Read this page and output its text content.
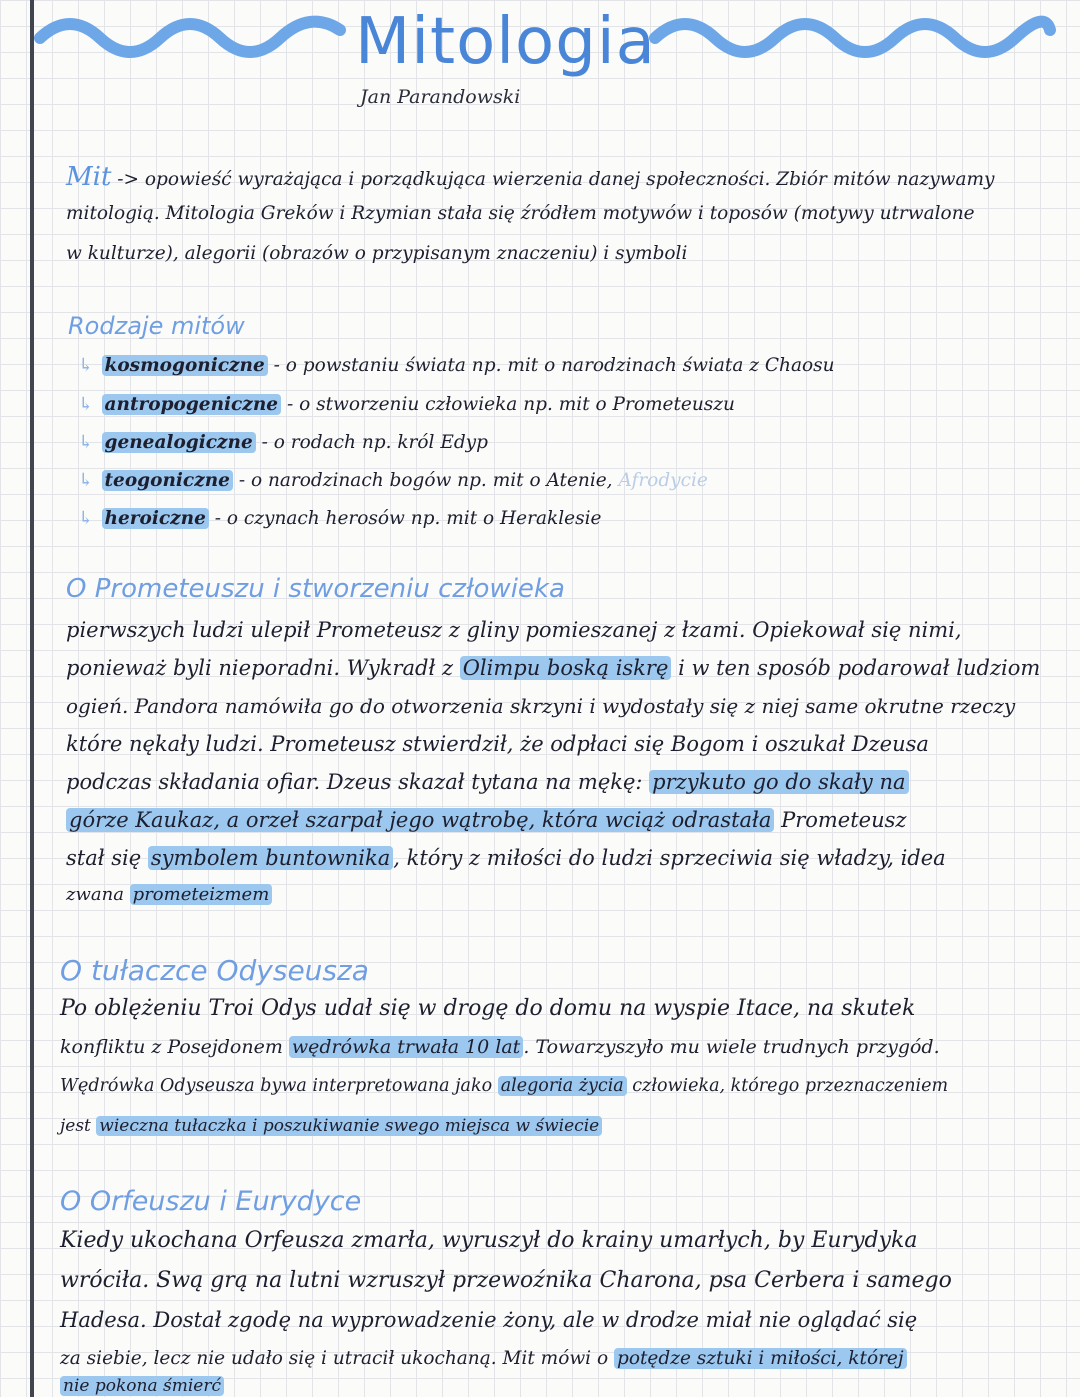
Mitologia
Jan Parandowski
Mit -> opowieść wyrażająca i porządkująca wierzenia danej społeczności. Zbiór mitów nazywamy
mitologią. Mitologia Greków i Rzymian stała się źródłem motywów i toposów (motywy utrwalone
w kulturze), alegorii (obrazów o przypisanym znaczeniu) i symboli
Rodzaje mitów
↳ kosmogoniczne - o powstaniu świata np. mit o narodzinach świata z Chaosu
↳ antropogeniczne - o stworzeniu człowieka np. mit o Prometeuszu
↳ genealogiczne - o rodach np. król Edyp
↳ teogoniczne - o narodzinach bogów np. mit o Atenie, Afrodycie
↳ heroiczne - o czynach herosów np. mit o Heraklesie
O Prometeuszu i stworzeniu człowieka
pierwszych ludzi ulepił Prometeusz z gliny pomieszanej z łzami. Opiekował się nimi,
ponieważ byli nieporadni. Wykradł z Olimpu boską iskrę i w ten sposób podarował ludziom
ogień. Pandora namówiła go do otworzenia skrzyni i wydostały się z niej same okrutne rzeczy
które nękały ludzi. Prometeusz stwierdził, że odpłaci się Bogom i oszukał Dzeusa
podczas składania ofiar. Dzeus skazał tytana na mękę: przykuto go do skały na
górze Kaukaz, a orzeł szarpał jego wątrobę, która wciąż odrastała Prometeusz
stał się symbolem buntownika , który z miłości do ludzi sprzeciwia się władzy, idea
zwana prometeizmem
O tułaczce Odyseusza
Po oblężeniu Troi Odys udał się w drogę do domu na wyspie Itace, na skutek
konfliktu z Posejdonem wędrówka trwała 10 lat . Towarzyszyło mu wiele trudnych przygód.
Wędrówka Odyseusza bywa interpretowana jako alegoria życia człowieka, którego przeznaczeniem
jest wieczna tułaczka i poszukiwanie swego miejsca w świecie
O Orfeuszu i Eurydyce
Kiedy ukochana Orfeusza zmarła, wyruszył do krainy umarłych, by Eurydyka
wróciła. Swą grą na lutni wzruszył przewoźnika Charona, psa Cerbera i samego
Hadesa. Dostał zgodę na wyprowadzenie żony, ale w drodze miał nie oglądać się
za siebie, lecz nie udało się i utracił ukochaną. Mit mówi o potędze sztuki i miłości, której
nie pokona śmierć
